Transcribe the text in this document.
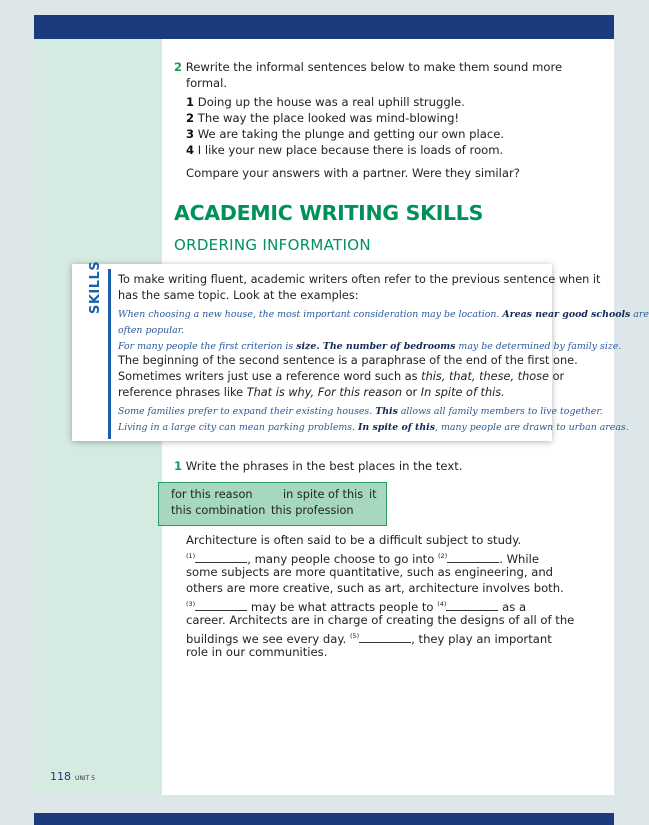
2 Rewrite the informal sentences below to make them sound more
formal.
1 Doing up the house was a real uphill struggle.
2 The way the place looked was mind-blowing!
3 We are taking the plunge and getting our own place.
4 I like your new place because there is loads of room.
Compare your answers with a partner. Were they similar?
ACADEMIC WRITING SKILLS
ORDERING INFORMATION
SKILLS To make writing fluent, academic writers often refer to the previous sentence when it
has the same topic. Look at the examples:
When choosing a new house, the most important consideration may be location. Areas near good schools are
often popular.
For many people the first criterion is size. The number of bedrooms may be determined by family size.
The beginning of the second sentence is a paraphrase of the end of the first one.
Sometimes writers just use a reference word such as this, that, these, those or
reference phrases like That is why, For this reason or In spite of this.
Some families prefer to expand their existing houses. This allows all family members to live together.
Living in a large city can mean parking problems. In spite of this, many people are drawn to urban areas.
1 Write the phrases in the best places in the text.
for this reason	in spite of this it
this combination this profession
Architecture is often said to be a difficult subject to study.
$^{(1)}$	, many people choose to go into $^{(2)}$	. While
some subjects are more quantitative, such as engineering, and
others are more creative, such as art, architecture involves both.
$^{(3)}$	may be what attracts people to $^{(4)}$	as a
career. Architects are in charge of creating the designs of all of the
buildings we see every day. $^{(5)}$	, they play an important
role in our communities.
118 UNIT 5
